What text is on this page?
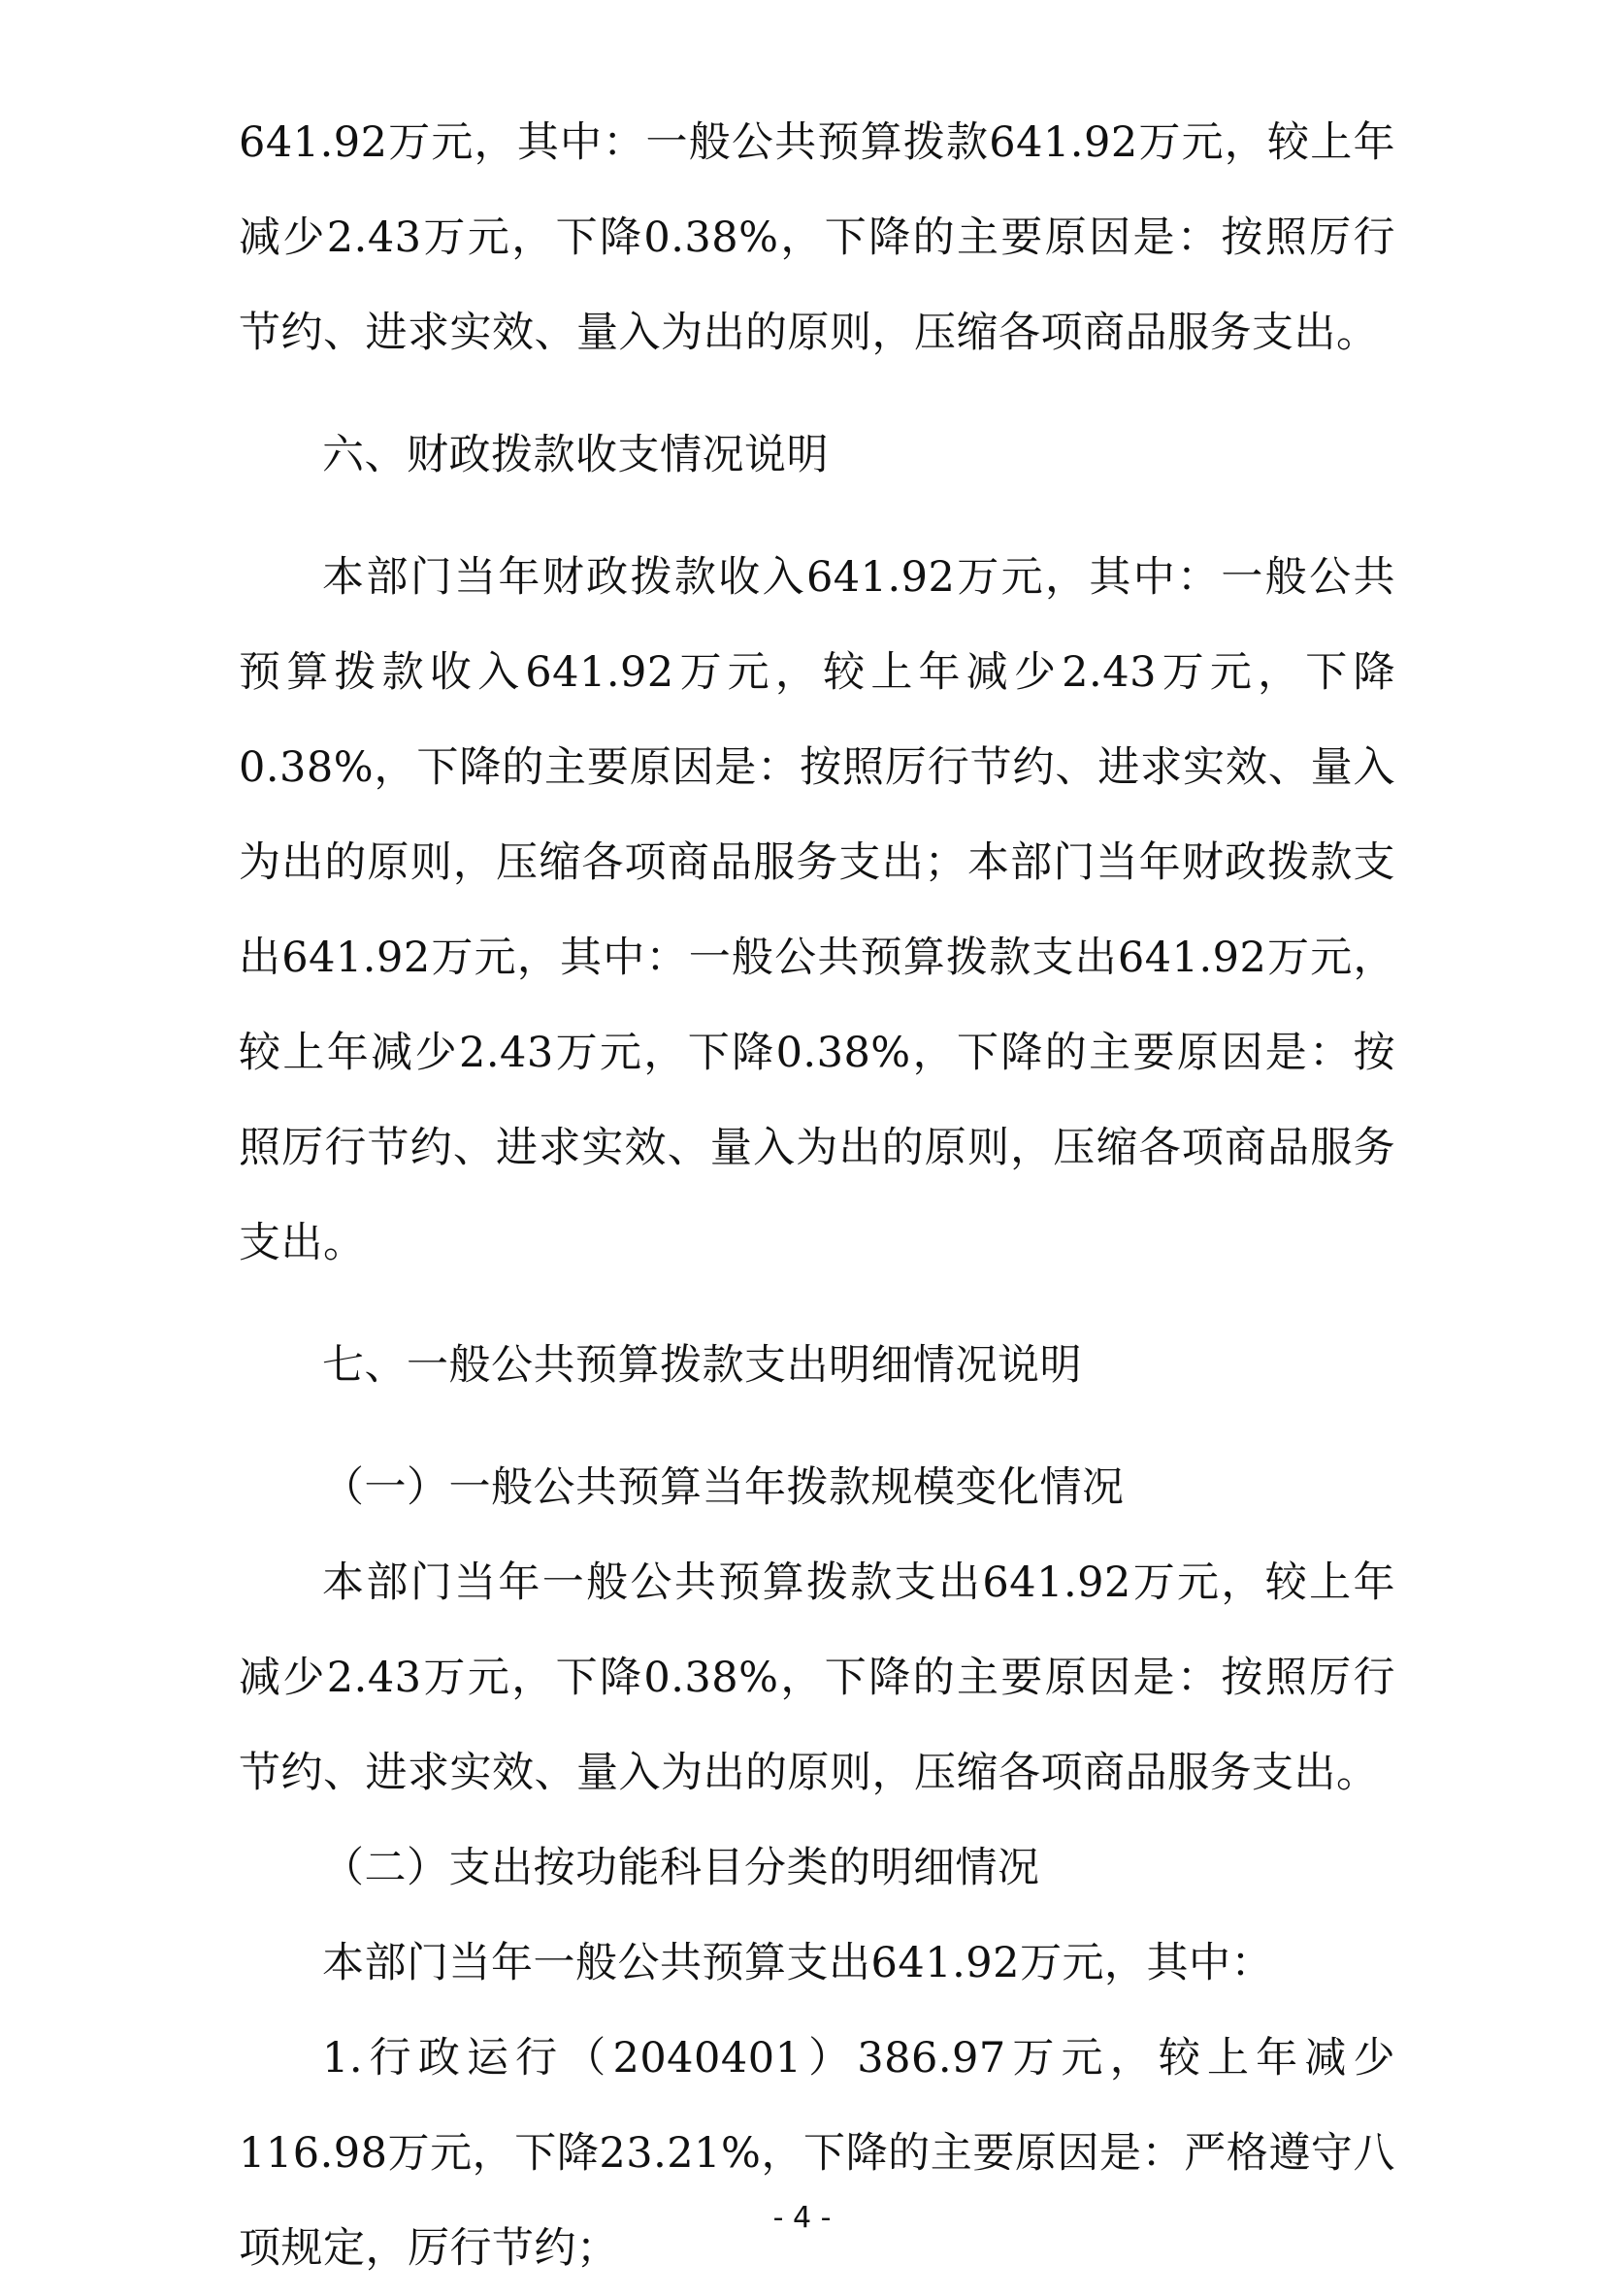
641.92万元，其中：一般公共预算拨款641.92万元，较上年减少2.43万元，下降0.38%，下降的主要原因是：按照厉行节约、进求实效、量入为出的原则，压缩各项商品服务支出。

六、财政拨款收支情况说明

本部门当年财政拨款收入641.92万元，其中：一般公共预算拨款收入641.92万元，较上年减少2.43万元，下降0.38%，下降的主要原因是：按照厉行节约、进求实效、量入为出的原则，压缩各项商品服务支出；本部门当年财政拨款支出641.92万元，其中：一般公共预算拨款支出641.92万元，较上年减少2.43万元，下降0.38%，下降的主要原因是：按照厉行节约、进求实效、量入为出的原则，压缩各项商品服务支出。

七、一般公共预算拨款支出明细情况说明

（一）一般公共预算当年拨款规模变化情况

本部门当年一般公共预算拨款支出641.92万元，较上年减少2.43万元，下降0.38%，下降的主要原因是：按照厉行节约、进求实效、量入为出的原则，压缩各项商品服务支出。

（二）支出按功能科目分类的明细情况

本部门当年一般公共预算支出641.92万元，其中：

1.行政运行（2040401）386.97万元，较上年减少116.98万元，下降23.21%，下降的主要原因是：严格遵守八项规定，厉行节约；

- 4 -
